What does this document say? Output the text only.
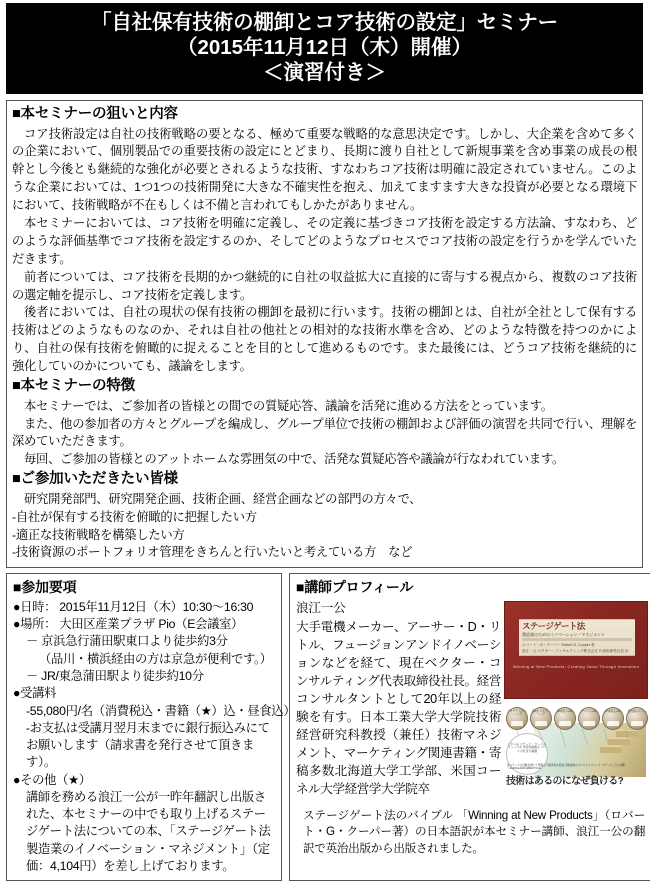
「自社保有技術の棚卸とコア技術の設定」セミナー
（2015年11月12日（木）開催）
＜演習付き＞
■本セミナーの狙いと内容
コア技術設定は自社の技術戦略の要となる、極めて重要な戦略的な意思決定です。しかし、大企業を含めて多くの企業において、個別製品での重要技術の設定にとどまり、長期に渡り自社として新規事業を含め事業の成長の根幹とし今後とも継続的な強化が必要とされるような技術、すなわちコア技術は明確に設定されていません。このような企業においては、1つ1つの技術開発に大きな不確実性を抱え、加えてますます大きな投資が必要となる環境下において、技術戦略が不在もしくは不備と言われてもしかたがありません。
本セミナーにおいては、コア技術を明確に定義し、その定義に基づきコア技術を設定する方法論、すなわち、どのような評価基準でコア技術を設定するのか、そしてどのようなプロセスでコア技術の設定を行うかを学んでいただきます。
前者については、コア技術を長期的かつ継続的に自社の収益拡大に直接的に寄与する視点から、複数のコア技術の選定軸を提示し、コア技術を定義します。
後者においては、自社の現状の保有技術の棚卸を最初に行います。技術の棚卸とは、自社が全社として保有する技術はどのようなものなのか、それは自社の他社との相対的な技術水準を含め、どのような特徴を持つのかにより、自社の保有技術を俯瞰的に捉えることを目的として進めるものです。また最後には、どうコア技術を継続的に強化していのかについても、議論をします。
■本セミナーの特徴
本セミナーでは、ご参加者の皆様との間での質疑応答、議論を活発に進める方法をとっています。
また、他の参加者の方々とグループを編成し、グループ単位で技術の棚卸および評価の演習を共同で行い、理解を深めていただきます。
毎回、ご参加の皆様とのアットホームな雰囲気の中で、活発な質疑応答や議論が行なわれています。
■ご参加いただきたい皆様
研究開発部門、研究開発企画、技術企画、経営企画などの部門の方々で、
-自社が保有する技術を俯瞰的に把握したい方
-適正な技術戦略を構築したい方
-技術資源のポートフォリオ管理をきちんと行いたいと考えている方　など
■参加要項
●日時： 2015年11月12日（木）10:30～16:30
●場所： 大田区産業プラザ Pio（E会議室）
－ 京浜急行蒲田駅東口より徒歩約3分
（品川・横浜経由の方は京急が便利です。）
－ JR/東急蒲田駅より徒歩約10分
●受講料
-55,080円/名（消費税込・書籍（★）込・昼食込）
-お支払は受講月翌月末までに銀行振込みにてお願いします（請求書を発行させて頂きます）。
●その他（★）
講師を務める浪江一公が一昨年翻訳し出版された、本セミナーの中でも取り上げるステージゲート法についての本、「ステージゲート法　製造業のイノベーション・マネジメント」（定価：4,104円）を差し上げております。
■講師プロフィール
浪江一公
大手電機メーカー、アーサー・D・リトル、フュージョンアンドイノベーションなどを経て、現在ベクター・コンサルティング代表取締役社長。経営コンサルタントとして20年以上の経験を有す。日本工業大学大学院技術経営研究科教授（兼任）技術マネジメント、マーケティング関連書籍・寄稿多数北海道大学工学部、米国コーネル大学経営学大学院卒
ステージゲート法
製造業のためのイノベーション・マネジメント
ロバート・G・クーパー Robert G. Cooper 著
浪江一公 ベクター・コンサルティング株式会社 代表取締役社長 訳
Winning at New Products: Creating Value Through Innovation
アイデア スクリーニング
第2次 スクリーニング
事業化へ GO	テストへ GO	市場投入 GO	発売後レビュー
これらの ステージ・ ゲートのチェックが 実効性重視の プロセス設 計が重要
各ステージの活動を通じて情報の不確実性を低減 行動指向のプロセスアプローチ ステージごとに判断（GO/KILL/HOLD/RECYCLE）
技術はあるのになぜ負ける?
ステージゲート法のバイブル 「Winning at New Products」（ロバート・G・クーパー著）の日本語訳が本セミナー講師、浪江一公の翻訳で英治出版から出版されました。
